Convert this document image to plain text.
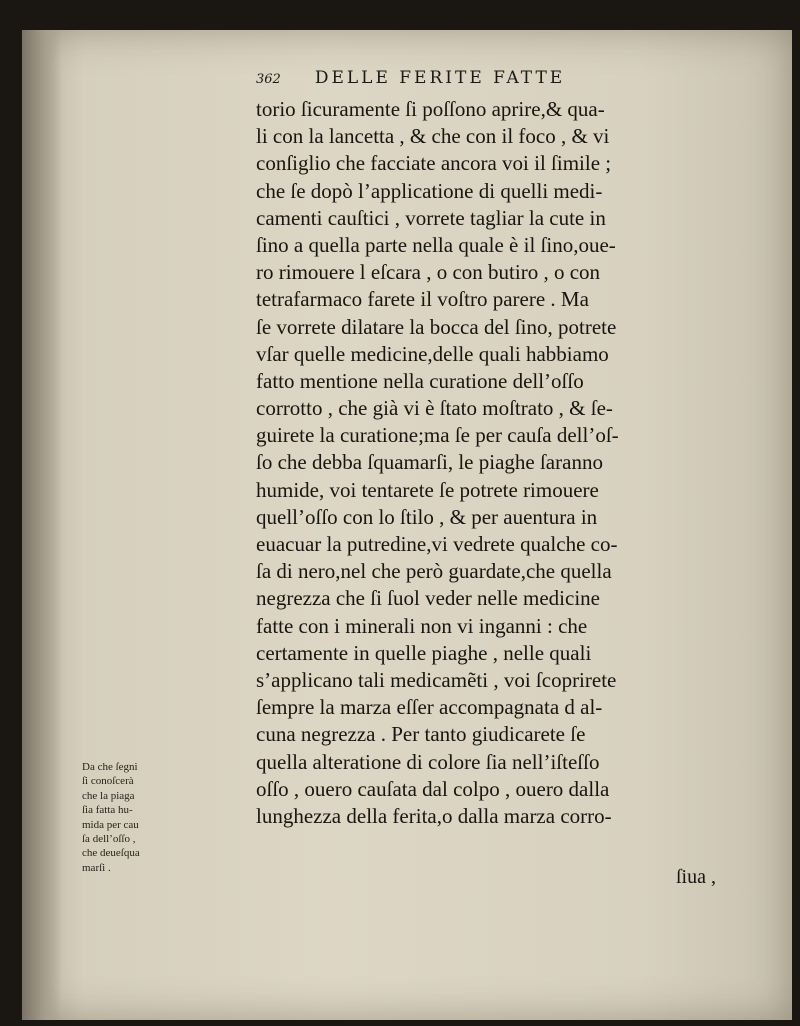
362 DELLE FERITE FATTE
torio ſicuramente ſi poſſono aprire,& qua-
li con la lancetta , & che con il foco , & vi
conſiglio che facciate ancora voi il ſimile ;
che ſe dopò l’applicatione di quelli medi-
camenti cauſtici , vorrete tagliar la cute in
ſino a quella parte nella quale è il ſino,oue-
ro rimouere l eſcara , o con butiro , o con
tetrafarmaco farete il voſtro parere . Ma
ſe vorrete dilatare la bocca del ſino, potrete
vſar quelle medicine,delle quali habbiamo
fatto mentione nella curatione dell’oſſo
corrotto , che già vi è ſtato moſtrato , & ſe-
guirete la curatione;ma ſe per cauſa dell’oſ-
ſo che debba ſquamarſi, le piaghe ſaranno
humide, voi tentarete ſe potrete rimouere
quell’oſſo con lo ſtilo , & per auentura in
euacuar la putredine,vi vedrete qualche co-
ſa di nero,nel che però guardate,che quella
negrezza che ſi ſuol veder nelle medicine
fatte con i minerali non vi inganni : che
certamente in quelle piaghe , nelle quali
s’applicano tali medicamẽti , voi ſcoprirete
ſempre la marza eſſer accompagnata d al-
cuna negrezza . Per tanto giudicarete ſe
quella alteratione di colore ſia nell’iſteſſo
oſſo , ouero cauſata dal colpo , ouero dalla
lunghezza della ferita,o dalla marza corro-
ſiua ,
Da che ſegni
ſi conoſcerà
che la piaga
ſia fatta hu-
mida per cau
ſa dell’oſſo ,
che deueſqua
marſi .
